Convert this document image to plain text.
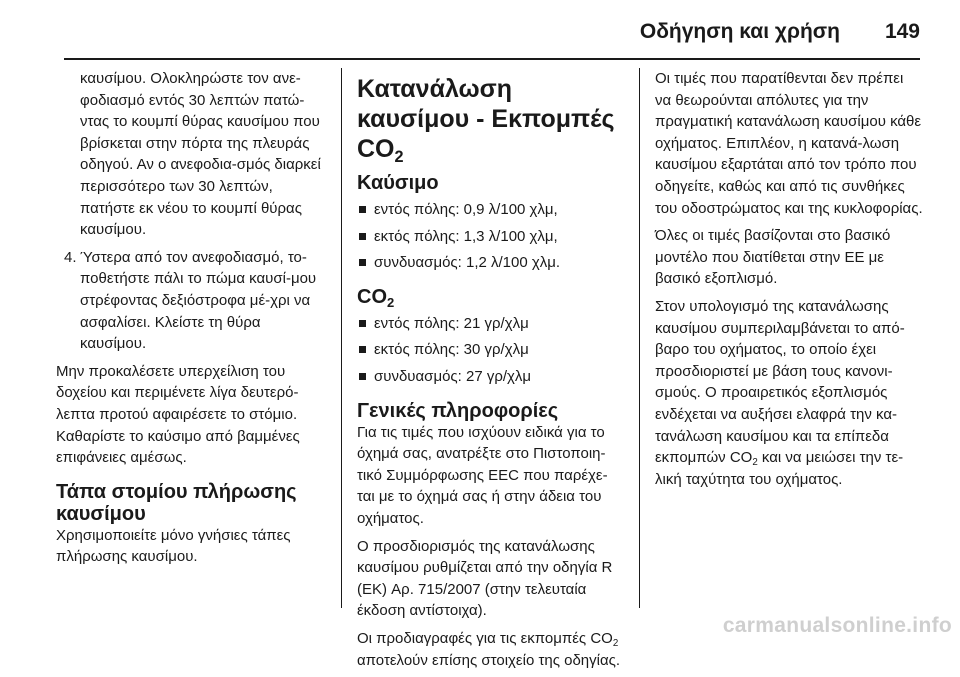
Οδήγηση και χρήση 149

καυσίμου. Ολοκληρώστε τον ανε-φοδιασμό εντός 30 λεπτών πατώ-ντας το κουμπί θύρας καυσίμου που βρίσκεται στην πόρτα της πλευράς οδηγού. Αν ο ανεφοδια-σμός διαρκεί περισσότερο των 30 λεπτών, πατήστε εκ νέου το κουμπί θύρας καυσίμου.

4. Ύστερα από τον ανεφοδιασμό, το-ποθετήστε πάλι το πώμα καυσί-μου στρέφοντας δεξιόστροφα μέ-χρι να ασφαλίσει. Κλείστε τη θύρα καυσίμου.

Μην προκαλέσετε υπερχείλιση του δοχείου και περιμένετε λίγα δευτερό-λεπτα προτού αφαιρέσετε το στόμιο. Καθαρίστε το καύσιμο από βαμμένες επιφάνειες αμέσως.

Τάπα στομίου πλήρωσης καυσίμου

Χρησιμοποιείτε μόνο γνήσιες τάπες πλήρωσης καυσίμου.

Κατανάλωση καυσίμου - Εκπομπές $CO_2$
Καύσιμο
εντός πόλης: 0,9 λ/100 χλμ,
εκτός πόλης: 1,3 λ/100 χλμ,
συνδυασμός: 1,2 λ/100 χλμ.
$CO_2$
εντός πόλης: 21 γρ/χλμ
εκτός πόλης: 30 γρ/χλμ
συνδυασμός: 27 γρ/χλμ
Γενικές πληροφορίες

Για τις τιμές που ισχύουν ειδικά για το όχημά σας, ανατρέξτε στο Πιστοποιη-τικό Συμμόρφωσης EEC που παρέχε-ται με το όχημά σας ή στην άδεια του οχήματος.

Ο προσδιορισμός της κατανάλωσης καυσίμου ρυθμίζεται από την οδηγία R (ΕΚ) Αρ. 715/2007 (στην τελευταία έκδοση αντίστοιχα).

Οι προδιαγραφές για τις εκπομπές $CO_2$ αποτελούν επίσης στοιχείο της οδηγίας.

Οι τιμές που παρατίθενται δεν πρέπει να θεωρούνται απόλυτες για την πραγματική κατανάλωση καυσίμου κάθε οχήματος. Επιπλέον, η κατανά-λωση καυσίμου εξαρτάται από τον τρόπο που οδηγείτε, καθώς και από τις συνθήκες του οδοστρώματος και της κυκλοφορίας.

Όλες οι τιμές βασίζονται στο βασικό μοντέλο που διατίθεται στην ΕΕ με βασικό εξοπλισμό.

Στον υπολογισμό της κατανάλωσης καυσίμου συμπεριλαμβάνεται το από-βαρο του οχήματος, το οποίο έχει προσδιοριστεί με βάση τους κανονι-σμούς. Ο προαιρετικός εξοπλισμός ενδέχεται να αυξήσει ελαφρά την κα-τανάλωση καυσίμου και τα επίπεδα εκπομπών $CO_2$ και να μειώσει την τε-λική ταχύτητα του οχήματος.

carmanualsonline.info
